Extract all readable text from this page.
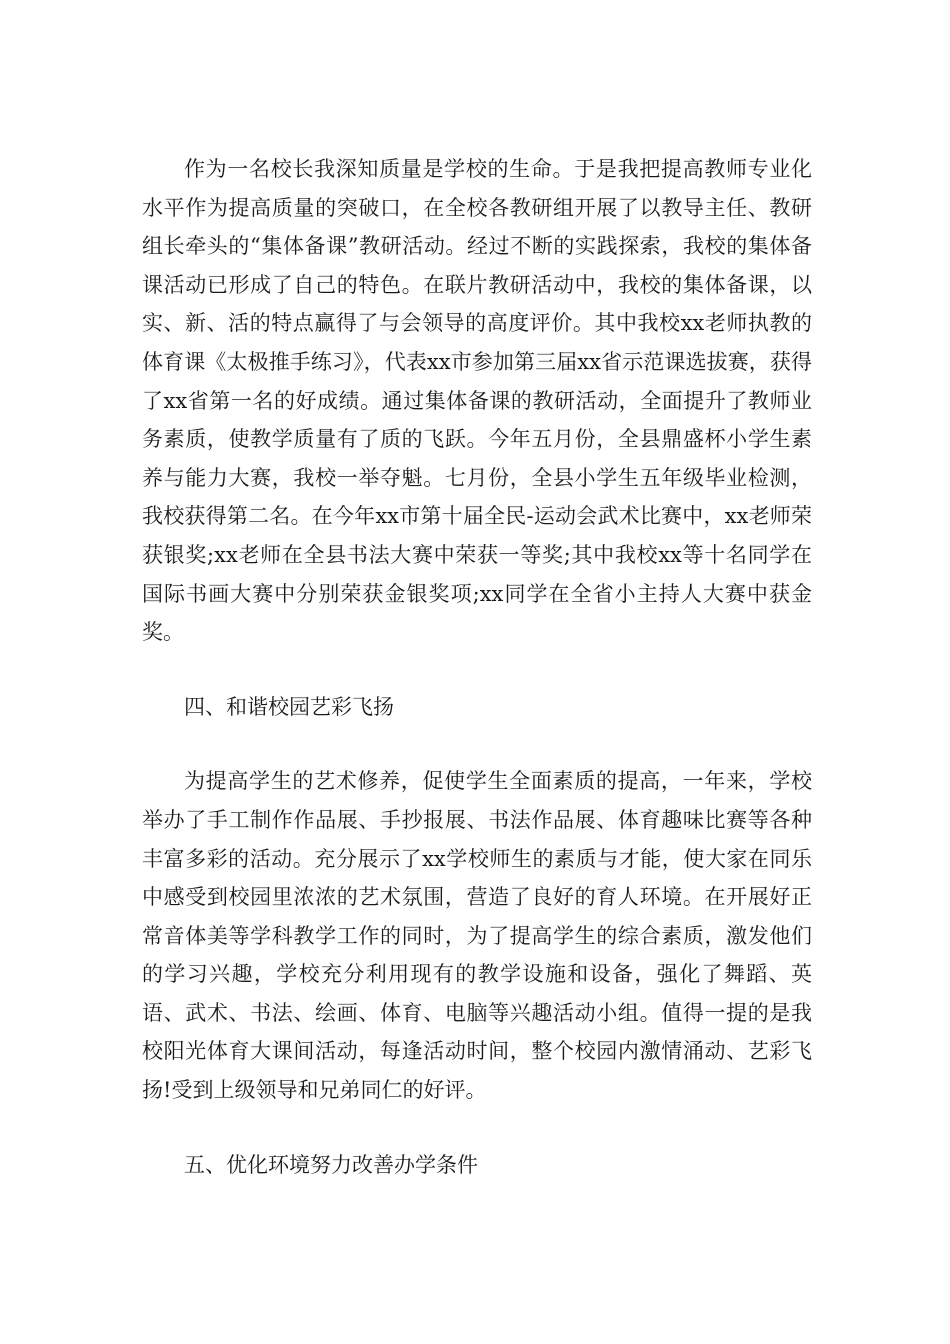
作为一名校长我深知质量是学校的生命。于是我把提高教师专业化水平作为提高质量的突破口，在全校各教研组开展了以教导主任、教研组长牵头的“集体备课”教研活动。经过不断的实践探索，我校的集体备课活动已形成了自己的特色。在联片教研活动中，我校的集体备课，以实、新、活的特点赢得了与会领导的高度评价。其中我校xx老师执教的体育课《太极推手练习》，代表xx市参加第三届xx省示范课选拔赛，获得了xx省第一名的好成绩。通过集体备课的教研活动，全面提升了教师业务素质，使教学质量有了质的飞跃。今年五月份，全县鼎盛杯小学生素养与能力大赛，我校一举夺魁。七月份，全县小学生五年级毕业检测，我校获得第二名。在今年xx市第十届全民-运动会武术比赛中，xx老师荣获银奖;xx老师在全县书法大赛中荣获一等奖;其中我校xx等十名同学在国际书画大赛中分别荣获金银奖项;xx同学在全省小主持人大赛中获金奖。

四、和谐校园艺彩飞扬

为提高学生的艺术修养，促使学生全面素质的提高，一年来，学校举办了手工制作作品展、手抄报展、书法作品展、体育趣味比赛等各种丰富多彩的活动。充分展示了xx学校师生的素质与才能，使大家在同乐中感受到校园里浓浓的艺术氛围，营造了良好的育人环境。在开展好正常音体美等学科教学工作的同时，为了提高学生的综合素质，激发他们的学习兴趣，学校充分利用现有的教学设施和设备，强化了舞蹈、英语、武术、书法、绘画、体育、电脑等兴趣活动小组。值得一提的是我校阳光体育大课间活动，每逢活动时间，整个校园内激情涌动、艺彩飞扬!受到上级领导和兄弟同仁的好评。

五、优化环境努力改善办学条件
